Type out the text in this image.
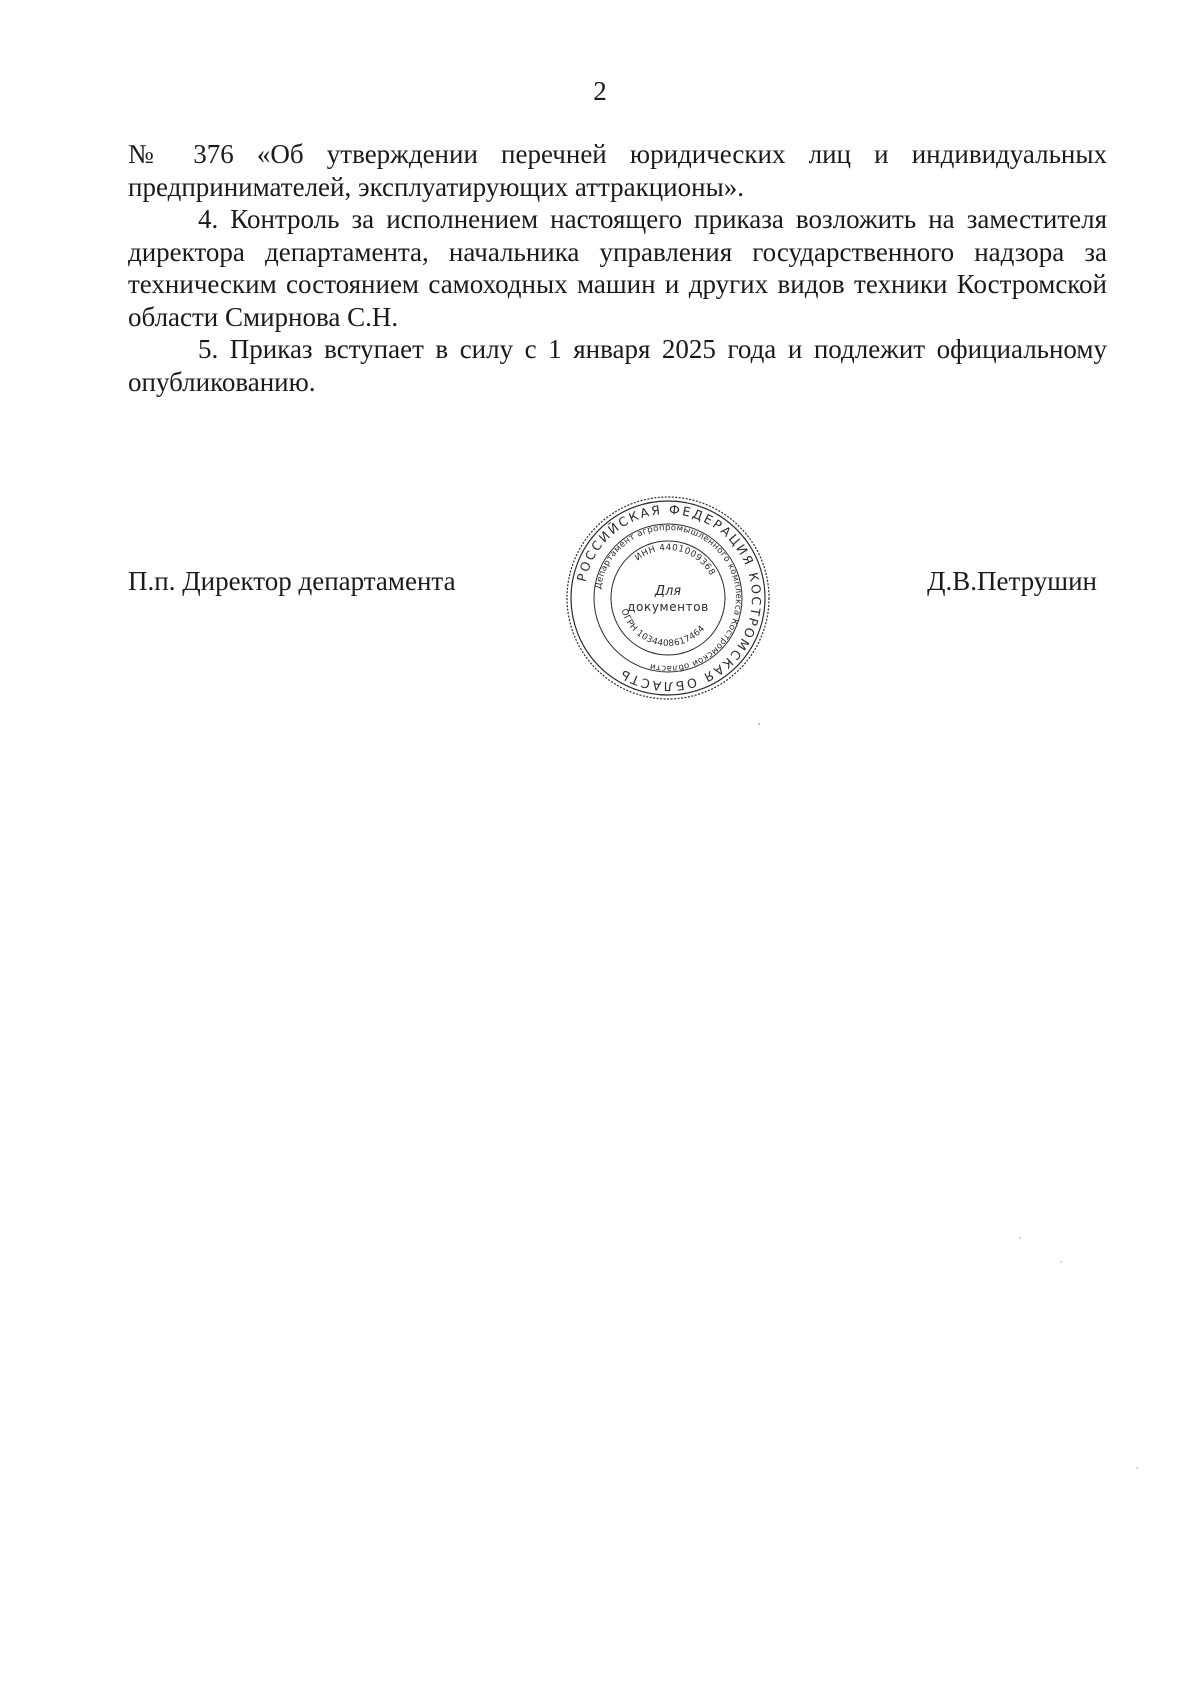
2

№ 376 «Об утверждении перечней юридических лиц и индивидуальных предпринимателей, эксплуатирующих аттракционы».

4. Контроль за исполнением настоящего приказа возложить на заместителя директора департамента, начальника управления государственного надзора за техническим состоянием самоходных машин и других видов техники Костромской области Смирнова С.Н.

5. Приказ вступает в силу с 1 января 2025 года и подлежит официальному опубликованию.

П.п. Директор департамента	Д.В.Петрушин
РОССИЙСКАЯ ФЕДЕРАЦИЯ КОСТРОМСКАЯ ОБЛАСТЬ
Департамент агропромышленного комплекса Костромской области
ИНН 4401009368
ОГРН 1034408617464
Для
документов
